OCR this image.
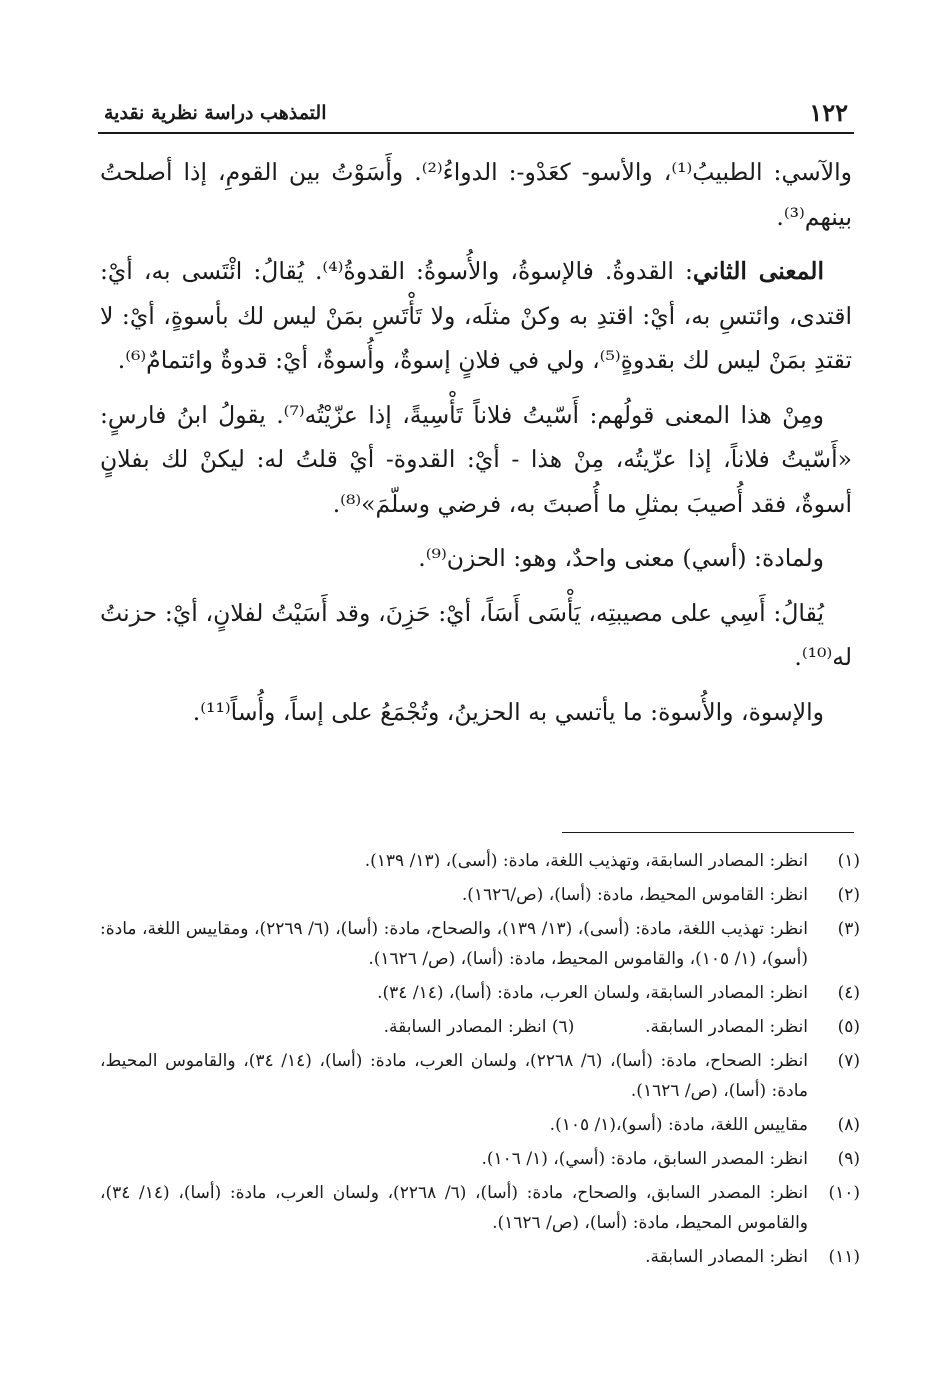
١٢٢
التمذهب دراسة نظرية نقدية

والآسي: الطبيبُ⁽¹⁾، والأسو- كعَدْو-: الدواءُ⁽²⁾. وأَسَوْتُ بين القومِ، إذا أصلحتُ بينهم⁽³⁾.

المعنى الثاني: القدوةُ. فالإسوةُ، والأُسوةُ: القدوةُ⁽⁴⁾. يُقالُ: ائْتَسى به، أيْ: اقتدى، وائتسِ به، أيْ: اقتدِ به وكنْ مثلَه، ولا تَأْتَسِ بمَنْ ليس لك بأسوةٍ، أيْ: لا تقتدِ بمَنْ ليس لك بقدوةٍ⁽⁵⁾، ولي في فلانٍ إسوةٌ، وأُسوةٌ، أيْ: قدوةٌ وائتمامٌ⁽⁶⁾.

ومِنْ هذا المعنى قولُهم: أَسّيتُ فلاناً تَأْسِيةً، إذا عزّيْتُه⁽⁷⁾. يقولُ ابنُ فارسٍ: «أَسّيتُ فلاناً، إذا عزّيتُه، مِنْ هذا - أيْ: القدوة- أيْ قلتُ له: ليكنْ لك بفلانٍ أسوةٌ، فقد أُصيبَ بمثلِ ما أُصبتَ به، فرضي وسلّمَ»⁽⁸⁾.

ولمادة: (أسي) معنى واحدٌ، وهو: الحزن⁽⁹⁾.

يُقالُ: أَسِي على مصيبتِه، يَأْسَى أَسَاً، أيْ: حَزِنَ، وقد أَسَيْتُ لفلانٍ، أيْ: حزنتُ له⁽¹⁰⁾.

والإسوة، والأُسوة: ما يأتسي به الحزينُ، وتُجْمَعُ على إساً، وأُساً⁽¹¹⁾.

(١)
انظر: المصادر السابقة، وتهذيب اللغة، مادة: (أسى)، (١٣/ ١٣٩).
(٢)
انظر: القاموس المحيط، مادة: (أسا)، (ص/١٦٢٦).
(٣)
انظر: تهذيب اللغة، مادة: (أسى)، (١٣/ ١٣٩)، والصحاح، مادة: (أسا)، (٦/ ٢٢٦٩)، ومقاييس اللغة، مادة: (أسو)، (١/ ١٠٥)، والقاموس المحيط، مادة: (أسا)، (ص/ ١٦٢٦).
(٤)
انظر: المصادر السابقة، ولسان العرب، مادة: (أسا)، (١٤/ ٣٤).
(٥)
انظر: المصادر السابقة.  (٦) انظر: المصادر السابقة.
(٧)
انظر: الصحاح، مادة: (أسا)، (٦/ ٢٢٦٨)، ولسان العرب، مادة: (أسا)، (١٤/ ٣٤)، والقاموس المحيط، مادة: (أسا)، (ص/ ١٦٢٦).
(٨)
مقاييس اللغة، مادة: (أسو)،(١/ ١٠٥).
(٩)
انظر: المصدر السابق، مادة: (أسي)، (١/ ١٠٦).
(١٠)
انظر: المصدر السابق، والصحاح، مادة: (أسا)، (٦/ ٢٢٦٨)، ولسان العرب، مادة: (أسا)، (١٤/ ٣٤)، والقاموس المحيط، مادة: (أسا)، (ص/ ١٦٢٦).
(١١)
انظر: المصادر السابقة.
